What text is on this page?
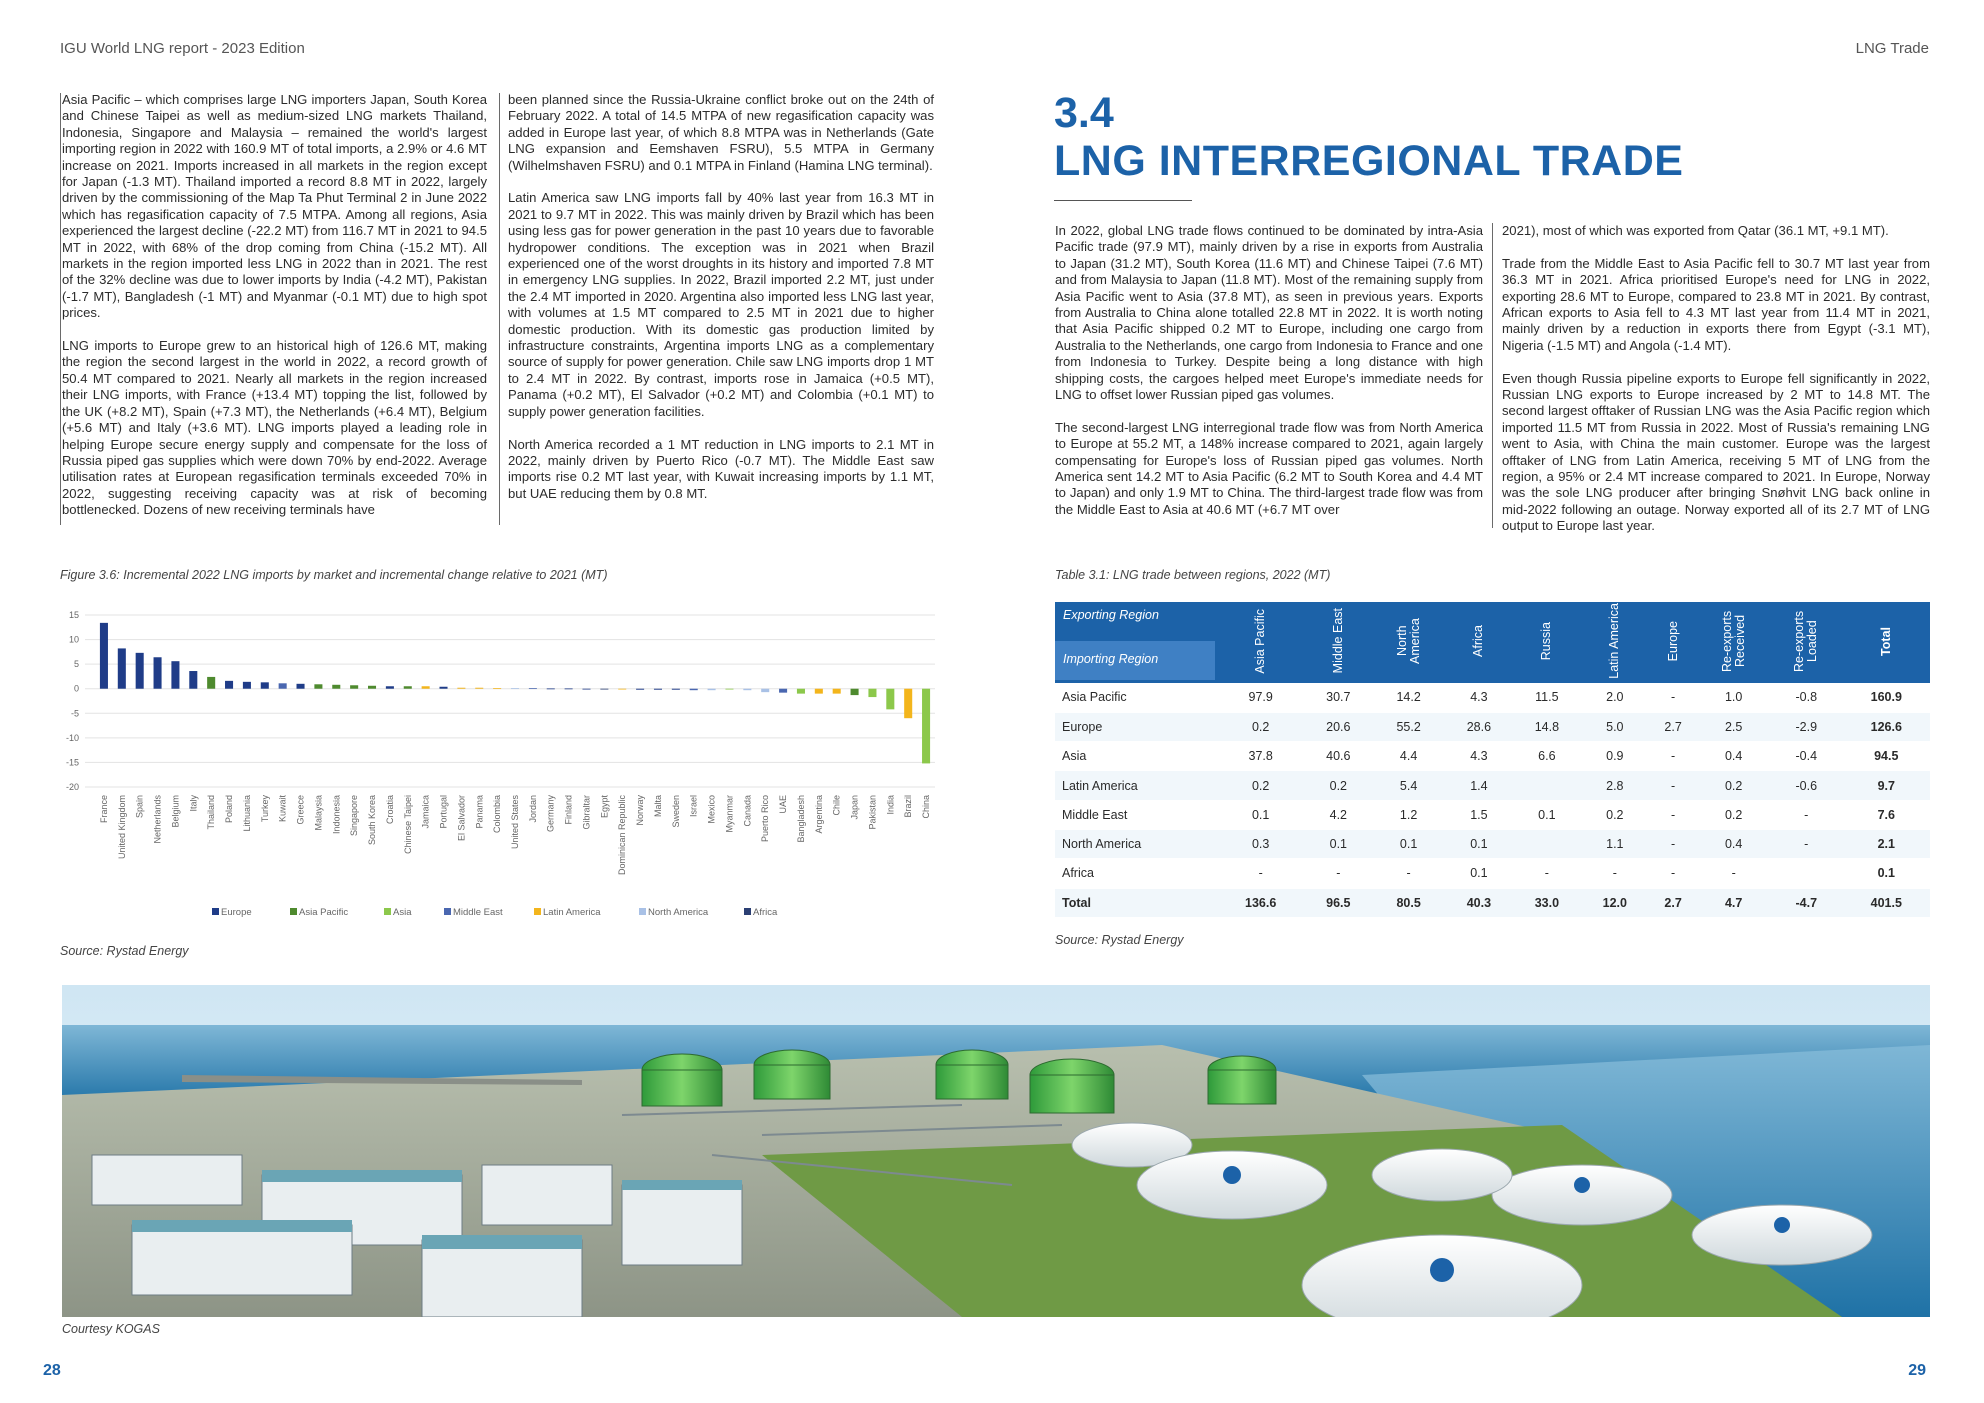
IGU World LNG report - 2023 Edition	LNG Trade

Asia Pacific – which comprises large LNG importers Japan, South Korea and Chinese Taipei as well as medium-sized LNG markets Thailand, Indonesia, Singapore and Malaysia – remained the world's largest importing region in 2022 with 160.9 MT of total imports, a 2.9% or 4.6 MT increase on 2021. Imports increased in all markets in the region except for Japan (-1.3 MT). Thailand imported a record 8.8 MT in 2022, largely driven by the commissioning of the Map Ta Phut Terminal 2 in June 2022 which has regasification capacity of 7.5 MTPA. Among all regions, Asia experienced the largest decline (-22.2 MT) from 116.7 MT in 2021 to 94.5 MT in 2022, with 68% of the drop coming from China (-15.2 MT). All markets in the region imported less LNG in 2022 than in 2021. The rest of the 32% decline was due to lower imports by India (-4.2 MT), Pakistan (-1.7 MT), Bangladesh (-1 MT) and Myanmar (-0.1 MT) due to high spot prices.

LNG imports to Europe grew to an historical high of 126.6 MT, making the region the second largest in the world in 2022, a record growth of 50.4 MT compared to 2021. Nearly all markets in the region increased their LNG imports, with France (+13.4 MT) topping the list, followed by the UK (+8.2 MT), Spain (+7.3 MT), the Netherlands (+6.4 MT), Belgium (+5.6 MT) and Italy (+3.6 MT). LNG imports played a leading role in helping Europe secure energy supply and compensate for the loss of Russia piped gas supplies which were down 70% by end-2022. Average utilisation rates at European regasification terminals exceeded 70% in 2022, suggesting receiving capacity was at risk of becoming bottlenecked. Dozens of new receiving terminals have

been planned since the Russia-Ukraine conflict broke out on the 24th of February 2022. A total of 14.5 MTPA of new regasification capacity was added in Europe last year, of which 8.8 MTPA was in Netherlands (Gate LNG expansion and Eemshaven FSRU), 5.5 MTPA in Germany (Wilhelmshaven FSRU) and 0.1 MTPA in Finland (Hamina LNG terminal).

Latin America saw LNG imports fall by 40% last year from 16.3 MT in 2021 to 9.7 MT in 2022. This was mainly driven by Brazil which has been using less gas for power generation in the past 10 years due to favorable hydropower conditions. The exception was in 2021 when Brazil experienced one of the worst droughts in its history and imported 7.8 MT in emergency LNG supplies. In 2022, Brazil imported 2.2 MT, just under the 2.4 MT imported in 2020. Argentina also imported less LNG last year, with volumes at 1.5 MT compared to 2.5 MT in 2021 due to higher domestic production. With its domestic gas production limited by infrastructure constraints, Argentina imports LNG as a complementary source of supply for power generation. Chile saw LNG imports drop 1 MT to 2.4 MT in 2022. By contrast, imports rose in Jamaica (+0.5 MT), Panama (+0.2 MT), El Salvador (+0.2 MT) and Colombia (+0.1 MT) to supply power generation facilities.

North America recorded a 1 MT reduction in LNG imports to 2.1 MT in 2022, mainly driven by Puerto Rico (-0.7 MT). The Middle East saw imports rise 0.2 MT last year, with Kuwait increasing imports by 1.1 MT, but UAE reducing them by 0.8 MT.

3.4
LNG INTERREGIONAL TRADE

In 2022, global LNG trade flows continued to be dominated by intra-Asia Pacific trade (97.9 MT), mainly driven by a rise in exports from Australia to Japan (31.2 MT), South Korea (11.6 MT) and Chinese Taipei (7.6 MT) and from Malaysia to Japan (11.8 MT). Most of the remaining supply from Asia Pacific went to Asia (37.8 MT), as seen in previous years. Exports from Australia to China alone totalled 22.8 MT in 2022. It is worth noting that Asia Pacific shipped 0.2 MT to Europe, including one cargo from Australia to the Netherlands, one cargo from Indonesia to France and one from Indonesia to Turkey. Despite being a long distance with high shipping costs, the cargoes helped meet Europe's immediate needs for LNG to offset lower Russian piped gas volumes.

The second-largest LNG interregional trade flow was from North America to Europe at 55.2 MT, a 148% increase compared to 2021, again largely compensating for Europe's loss of Russian piped gas volumes. North America sent 14.2 MT to Asia Pacific (6.2 MT to South Korea and 4.4 MT to Japan) and only 1.9 MT to China. The third-largest trade flow was from the Middle East to Asia at 40.6 MT (+6.7 MT over

2021), most of which was exported from Qatar (36.1 MT, +9.1 MT).

Trade from the Middle East to Asia Pacific fell to 30.7 MT last year from 36.3 MT in 2021. Africa prioritised Europe's need for LNG in 2022, exporting 28.6 MT to Europe, compared to 23.8 MT in 2021. By contrast, African exports to Asia fell to 4.3 MT last year from 11.4 MT in 2021, mainly driven by a reduction in exports there from Egypt (-3.1 MT), Nigeria (-1.5 MT) and Angola (-1.4 MT).

Even though Russia pipeline exports to Europe fell significantly in 2022, Russian LNG exports to Europe increased by 2 MT to 14.8 MT. The second largest offtaker of Russian LNG was the Asia Pacific region which imported 11.5 MT from Russia in 2022. Most of Russia's remaining LNG went to Asia, with China the main customer. Europe was the largest offtaker of LNG from Latin America, receiving 5 MT of LNG from the region, a 95% or 2.4 MT increase compared to 2021. In Europe, Norway was the sole LNG producer after bringing Snøhvit LNG back online in mid-2022 following an outage. Norway exported all of its 2.7 MT of LNG output to Europe last year.

Figure 3.6: Incremental 2022 LNG imports by market and incremental change relative to 2021 (MT)
15
10
5
0
-5
-10
-15
-20
France United Kingdom Spain Netherlands Belgium Italy Thailand Poland Lithuania Turkey Kuwait Greece Malaysia Indonesia Singapore South Korea Croatia Chinese Taipei Jamaica Portugal El Salvador Panama Colombia United States Jordan Germany Finland Gibraltar Egypt Dominican Republic Norway Malta Sweden Israel Mexico Myanmar Canada Puerto Rico UAE Bangladesh Argentina Chile Japan Pakistan India Brazil China
Europe	Asia Pacific	Asia	Middle East	Latin America	North America	Africa
Source: Rystad Energy
Table 3.1: LNG trade between regions, 2022 (MT)
Exporting Region
Importing Region	Asia Pacific	Middle East	North America	Africa	Russia	Latin America	Europe	Re-exports Received	Re-exports Loaded	Total
Asia Pacific	97.9	30.7	14.2	4.3	11.5	2.0	-	1.0	-0.8	160.9
Europe	0.2	20.6	55.2	28.6	14.8	5.0	2.7	2.5	-2.9	126.6
Asia	37.8	40.6	4.4	4.3	6.6	0.9	-	0.4	-0.4	94.5
Latin America	0.2	0.2	5.4	1.4		2.8	-	0.2	-0.6	9.7
Middle East	0.1	4.2	1.2	1.5	0.1	0.2	-	0.2	-	7.6
North America	0.3	0.1	0.1	0.1		1.1	-	0.4	-	2.1
Africa	-	-	-	0.1	-	-	-	-		0.1
Total	136.6	96.5	80.5	40.3	33.0	12.0	2.7	4.7	-4.7	401.5
Source: Rystad Energy
Courtesy KOGAS
28	29
